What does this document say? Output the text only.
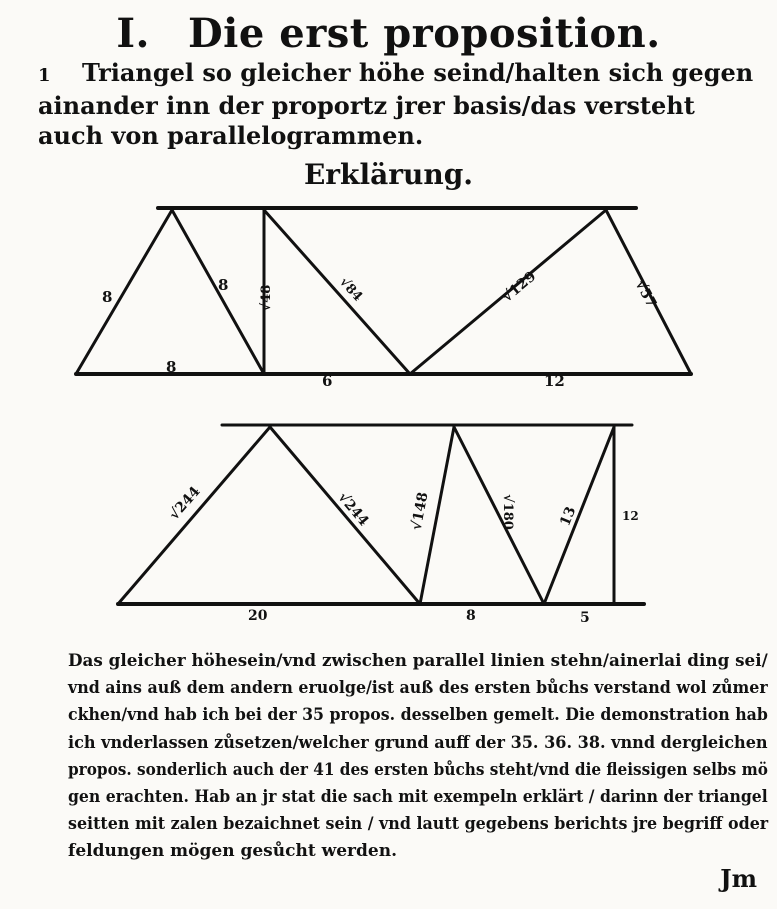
I. Die erst proposition.
1 Triangel so gleicher höhe seind/halten sich gegen ainander inn der proportz jrer basis/das versteht auch von parallelogrammen.
Erklärung.
8
8
8
√48	√84	√129	√57
6	12
√244	√244	√148	√180	13	12
20	8	5
Das gleicher höhesein/vnd zwischen parallel linien stehn/ainerlai ding sei/
vnd ains auß dem andern eruolge/ist auß des ersten bůchs verstand wol zůmer
ckhen/vnd hab ich bei der 35 propos. desselben gemelt. Die demonstration hab
ich vnderlassen zůsetzen/welcher grund auff der 35. 36. 38. vnnd dergleichen
propos. sonderlich auch der 41 des ersten bůchs steht/vnd die fleissigen selbs mö
gen erachten. Hab an jr stat die sach mit exempeln erklärt / darinn der triangel
seitten mit zalen bezaichnet sein / vnd lautt gegebens berichts jre begriff oder
feldungen mögen gesůcht werden.
Jm
